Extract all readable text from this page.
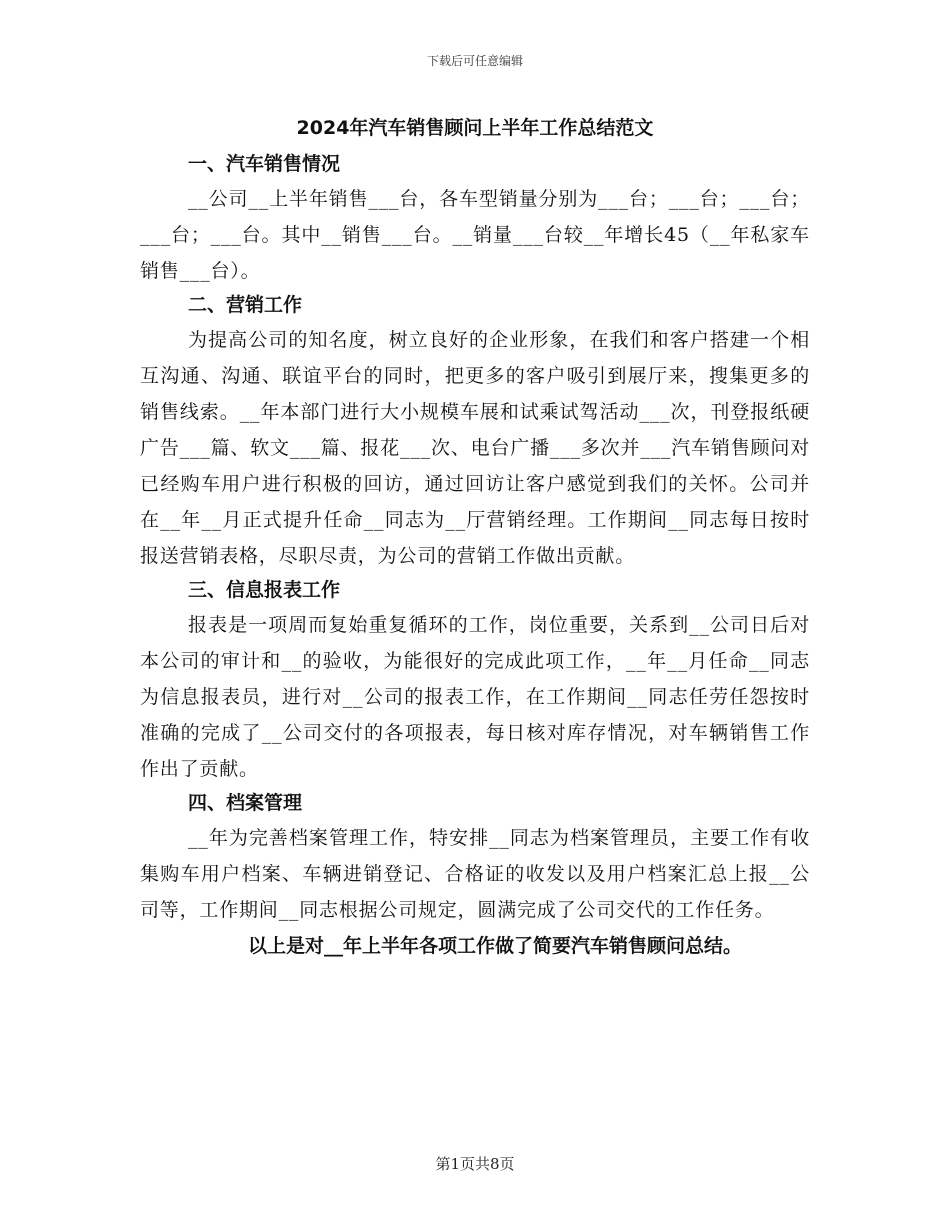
下载后可任意编辑
2024年汽车销售顾问上半年工作总结范文
一、汽车销售情况

__公司__上半年销售___台，各车型销量分别为___台；___台；___台；___台；___台。其中__销售___台。__销量___台较__年增长45（__年私家车销售___台）。

二、营销工作

为提高公司的知名度，树立良好的企业形象，在我们和客户搭建一个相互沟通、沟通、联谊平台的同时，把更多的客户吸引到展厅来，搜集更多的销售线索。__年本部门进行大小规模车展和试乘试驾活动___次，刊登报纸硬广告___篇、软文___篇、报花___次、电台广播___多次并___汽车销售顾问对已经购车用户进行积极的回访，通过回访让客户感觉到我们的关怀。公司并在__年__月正式提升任命__同志为__厅营销经理。工作期间__同志每日按时报送营销表格，尽职尽责，为公司的营销工作做出贡献。

三、信息报表工作

报表是一项周而复始重复循环的工作，岗位重要，关系到__公司日后对本公司的审计和__的验收，为能很好的完成此项工作，__年__月任命__同志为信息报表员，进行对__公司的报表工作，在工作期间__同志任劳任怨按时准确的完成了__公司交付的各项报表，每日核对库存情况，对车辆销售工作作出了贡献。

四、档案管理

__年为完善档案管理工作，特安排__同志为档案管理员，主要工作有收集购车用户档案、车辆进销登记、合格证的收发以及用户档案汇总上报__公司等，工作期间__同志根据公司规定，圆满完成了公司交代的工作任务。

以上是对__年上半年各项工作做了简要汽车销售顾问总结。

第1页共8页
